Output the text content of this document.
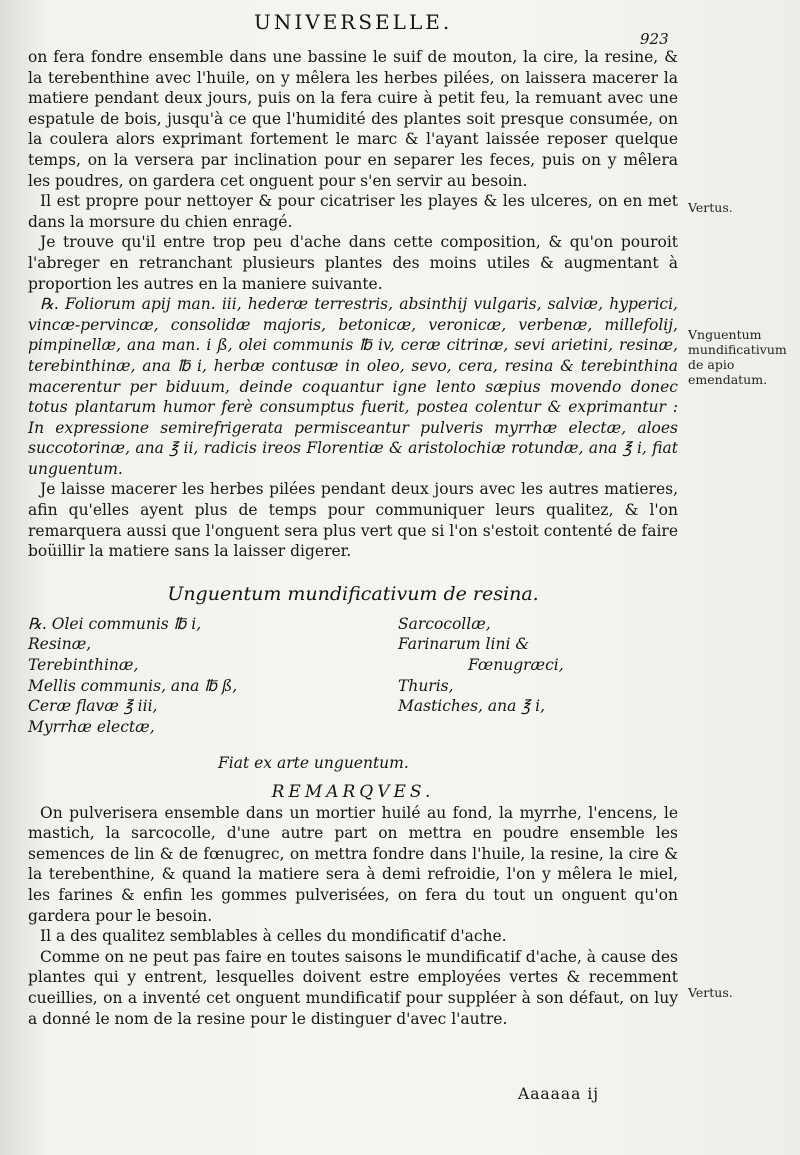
UNIVERSELLE.
923

on fera fondre ensemble dans une bassine le suif de mouton, la cire, la resine, & la terebenthine avec l'huile, on y mêlera les herbes pilées, on laissera macerer la matiere pendant deux jours, puis on la fera cuire à petit feu, la remuant avec une espatule de bois, jusqu'à ce que l'humidité des plantes soit presque consumée, on la coulera alors exprimant fortement le marc & l'ayant laissée reposer quelque temps, on la versera par inclination pour en separer les feces, puis on y mêlera les poudres, on gardera cet onguent pour s'en servir au besoin.

Il est propre pour nettoyer & pour cicatriser les playes & les ulceres, on en met dans la morsure du chien enragé.

Je trouve qu'il entre trop peu d'ache dans cette composition, & qu'on pouroit l'abreger en retranchant plusieurs plantes des moins utiles & augmentant à proportion les autres en la maniere suivante.

℞. Foliorum apij man. iii, hederæ terrestris, absinthij vulgaris, salviæ, hyperici, vincæ-pervincæ, consolidæ majoris, betonicæ, veronicæ, verbenæ, millefolij, pimpinellæ, ana man. i ß, olei communis ℔ iv, ceræ citrinæ, sevi arietini, resinæ, terebinthinæ, ana ℔ i, herbæ contusæ in oleo, sevo, cera, resina & terebinthina macerentur per biduum, deinde coquantur igne lento sæpius movendo donec totus plantarum humor ferè consumptus fuerit, postea colentur & exprimantur : In expressione semirefrigerata permisceantur pulveris myrrhæ electæ, aloes succotorinæ, ana ℥ ii, radicis ireos Florentiæ & aristolochiæ rotundæ, ana ℥ i, fiat unguentum.

Je laisse macerer les herbes pilées pendant deux jours avec les autres matieres, afin qu'elles ayent plus de temps pour communiquer leurs qualitez, & l'on remarquera aussi que l'onguent sera plus vert que si l'on s'estoit contenté de faire boüillir la matiere sans la laisser digerer.

Unguentum mundificativum de resina.

℞. Olei communis ℔ i,
Resinæ,
Terebinthinæ,
Mellis communis, ana ℔ ß,
Ceræ flavæ ℥ iii,
Myrrhæ electæ,
Sarcocollæ,
Farinarum lini &
Fœnugræci,
Thuris,
Mastiches, ana ℥ i,
Fiat ex arte unguentum.
REMARQVES.

On pulverisera ensemble dans un mortier huilé au fond, la myrrhe, l'encens, le mastich, la sarcocolle, d'une autre part on mettra en poudre ensemble les semences de lin & de fœnugrec, on mettra fondre dans l'huile, la resine, la cire & la terebenthine, & quand la matiere sera à demi refroidie, l'on y mêlera le miel, les farines & enfin les gommes pulverisées, on fera du tout un onguent qu'on gardera pour le besoin.

Il a des qualitez semblables à celles du mondificatif d'ache.

Comme on ne peut pas faire en toutes saisons le mundificatif d'ache, à cause des plantes qui y entrent, lesquelles doivent estre employées vertes & recemment cueillies, on a inventé cet onguent mundificatif pour suppléer à son défaut, on luy a donné le nom de la resine pour le distinguer d'avec l'autre.

Vertus.
Vnguentum mundificativum de apio emendatum.
Vertus.
Aaaaaa ij
